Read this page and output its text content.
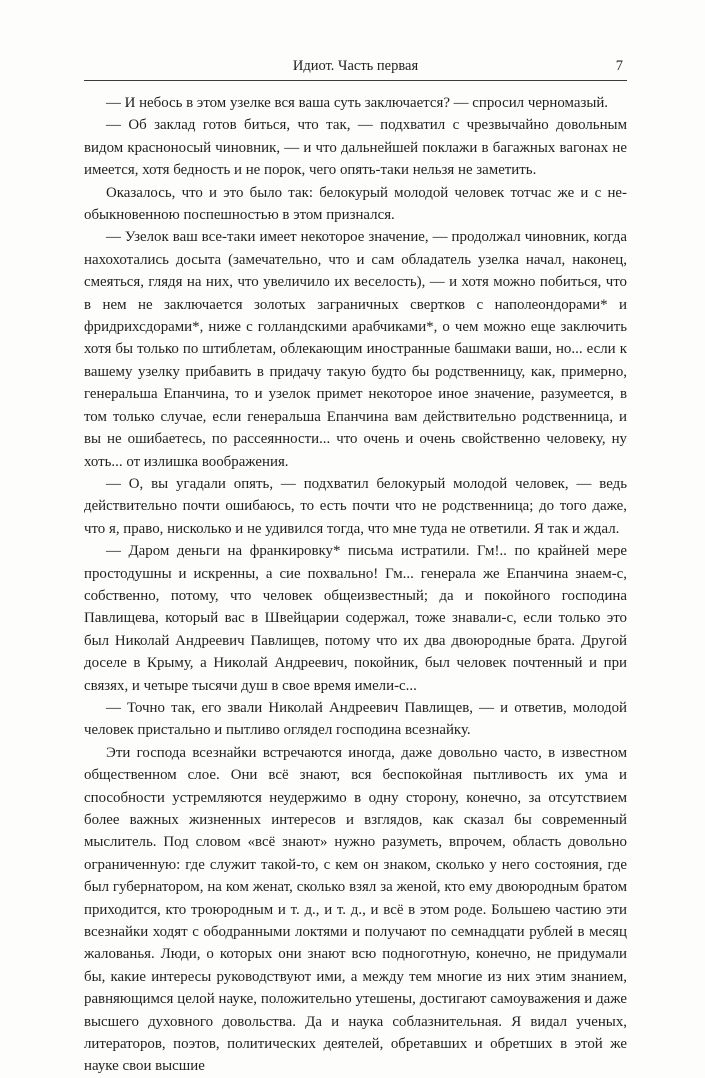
Идиот. Часть первая	7

— И небось в этом узелке вся ваша суть заключается? — спросил черномазый.

— Об заклад готов биться, что так, — подхватил с чрезвычайно довольным видом красноносый чиновник, — и что дальнейшей поклажи в багажных вагонах не имеется, хотя бедность и не порок, чего опять-таки нельзя не заметить.

Оказалось, что и это было так: белокурый молодой человек тотчас же и с необыкновенною поспешностью в этом признался.

— Узелок ваш все-таки имеет некоторое значение, — продолжал чиновник, когда нахохотались досыта (замечательно, что и сам обладатель узелка начал, наконец, смеяться, глядя на них, что увеличило их веселость), — и хотя можно побиться, что в нем не заключается золотых заграничных свертков с наполеондорами* и фридрихсдорами*, ниже с голландскими арабчиками*, о чем можно еще заключить хотя бы только по штиблетам, облекающим иностранные башмаки ваши, но... если к вашему узелку прибавить в придачу такую будто бы родственницу, как, примерно, генеральша Епанчина, то и узелок примет некоторое иное значение, разумеется, в том только случае, если генеральша Епанчина вам действительно родственница, и вы не ошибаетесь, по рассеянности... что очень и очень свойственно человеку, ну хоть... от излишка воображения.

— О, вы угадали опять, — подхватил белокурый молодой человек, — ведь действительно почти ошибаюсь, то есть почти что не родственница; до того даже, что я, право, нисколько и не удивился тогда, что мне туда не ответили. Я так и ждал.

— Даром деньги на франкировку* письма истратили. Гм!.. по крайней мере простодушны и искренны, а сие похвально! Гм... генерала же Епанчина знаем-с, собственно, потому, что человек общеизвестный; да и покойного господина Павлищева, который вас в Швейцарии содержал, тоже знавали-с, если только это был Николай Андреевич Павлищев, потому что их два двоюродные брата. Другой доселе в Крыму, а Николай Андреевич, покойник, был человек почтенный и при связях, и четыре тысячи душ в свое время имели-с...

— Точно так, его звали Николай Андреевич Павлищев, — и ответив, молодой человек пристально и пытливо оглядел господина всезнайку.

Эти господа всезнайки встречаются иногда, даже довольно часто, в известном общественном слое. Они всё знают, вся беспокойная пытливость их ума и способности устремляются неудержимо в одну сторону, конечно, за отсутствием более важных жизненных интересов и взглядов, как сказал бы современный мыслитель. Под словом «всё знают» нужно разуметь, впрочем, область довольно ограниченную: где служит такой-то, с кем он знаком, сколько у него состояния, где был губернатором, на ком женат, сколько взял за женой, кто ему двоюродным братом приходится, кто троюродным и т. д., и т. д., и всё в этом роде. Большею частию эти всезнайки ходят с ободранными локтями и получают по семнадцати рублей в месяц жалованья. Люди, о которых они знают всю подноготную, конечно, не придумали бы, какие интересы руководствуют ими, а между тем многие из них этим знанием, равняющимся целой науке, положительно утешены, достигают самоуважения и даже высшего духовного довольства. Да и наука соблазнительная. Я видал ученых, литераторов, поэтов, политических деятелей, обретавших и обретших в этой же науке свои высшие
